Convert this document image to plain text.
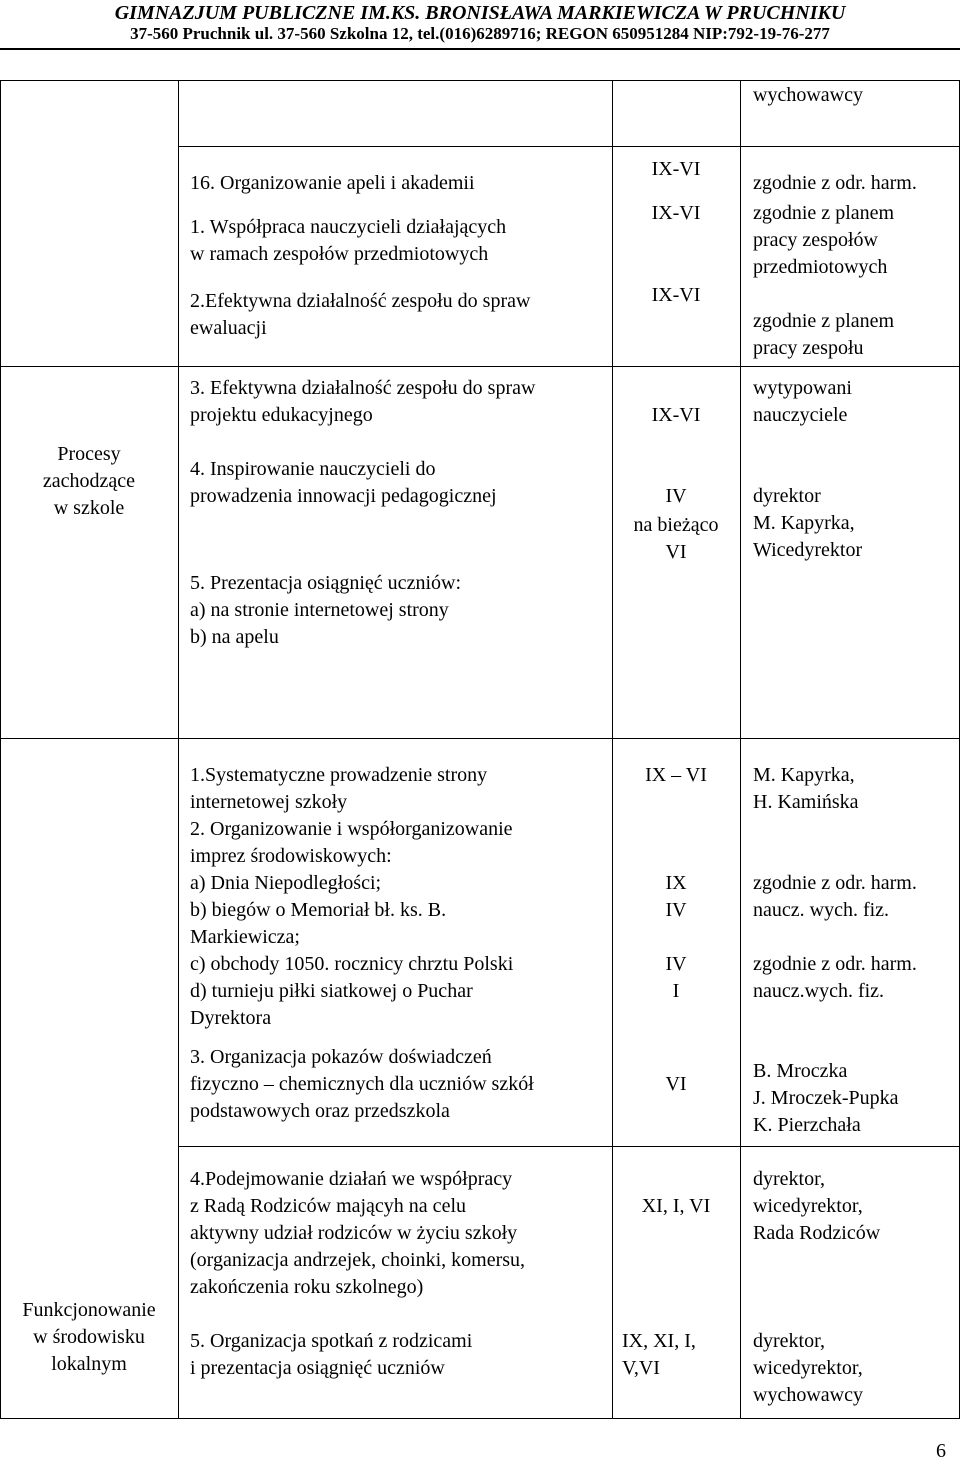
GIMNAZJUM PUBLICZNE IM.KS. BRONISŁAWA MARKIEWICZA W PRUCHNIKU
37-560 Pruchnik ul. 37-560 Szkolna 12, tel.(016)6289716; REGON 650951284 NIP:792-19-76-277
wychowawcy
Procesy
zachodzące
w szkole
16. Organizowanie apeli i akademii
1. Współpraca nauczycieli działających
w ramach zespołów przedmiotowych
2.Efektywna działalność zespołu do spraw
ewaluacji
3. Efektywna działalność zespołu do spraw
projektu edukacyjnego
4. Inspirowanie nauczycieli do
prowadzenia innowacji pedagogicznej
5. Prezentacja osiągnięć uczniów:
a) na stronie internetowej strony
b) na apelu
IX-VI
IX-VI
IX-VI
IX-VI
IV
na bieżąco
VI
zgodnie z odr. harm.
zgodnie z planem
pracy zespołów
przedmiotowych
zgodnie z planem
pracy zespołu
wytypowani
nauczyciele
dyrektor
M. Kapyrka,
Wicedyrektor
Funkcjonowanie
w środowisku
lokalnym
1.Systematyczne prowadzenie strony
internetowej szkoły
2. Organizowanie i współorganizowanie
imprez środowiskowych:
a) Dnia Niepodległości;
b) biegów o Memoriał bł. ks. B.
Markiewicza;
c) obchody 1050. rocznicy chrztu Polski
d) turnieju piłki siatkowej o Puchar
Dyrektora
3. Organizacja pokazów doświadczeń
fizyczno – chemicznych dla uczniów szkół
podstawowych oraz przedszkola
4.Podejmowanie działań we współpracy
z Radą Rodziców mającyh na celu
aktywny udział rodziców w życiu szkoły
(organizacja andrzejek, choinki, komersu,
zakończenia roku szkolnego)
5. Organizacja spotkań z rodzicami
i prezentacja osiągnięć uczniów
IX – VI
IX
IV
IV
I
VI
XI, I, VI
IX, XI, I,
V,VI
M. Kapyrka,
H. Kamińska
zgodnie z odr. harm.
naucz. wych. fiz.
zgodnie z odr. harm.
naucz.wych. fiz.
B. Mroczka
J. Mroczek-Pupka
K. Pierzchała
dyrektor,
wicedyrektor,
Rada Rodziców
dyrektor,
wicedyrektor,
wychowawcy
6
